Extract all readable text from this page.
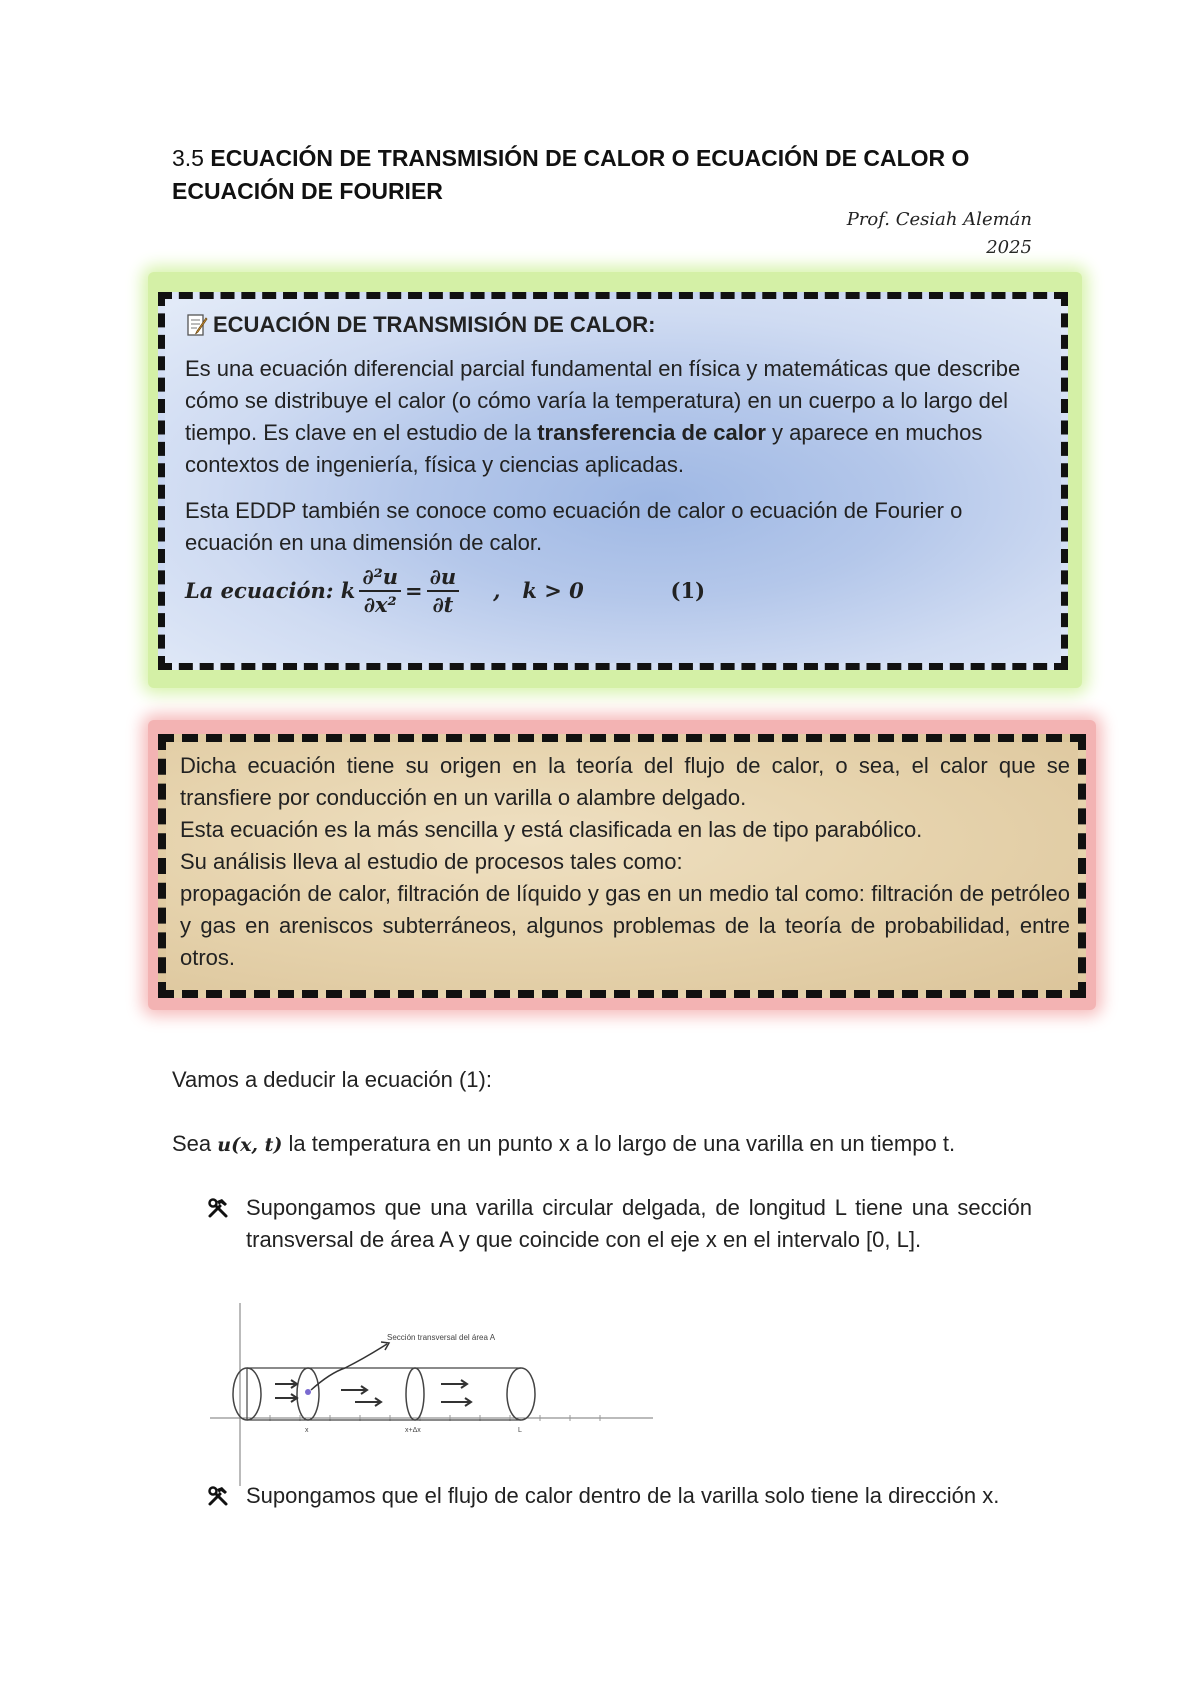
3.5 ECUACIÓN DE TRANSMISIÓN DE CALOR O ECUACIÓN DE CALOR O ECUACIÓN DE FOURIER
Prof. Cesiah Alemán
2025
ECUACIÓN DE TRANSMISIÓN DE CALOR:

Es una ecuación diferencial parcial fundamental en física y matemáticas que describe cómo se distribuye el calor (o cómo varía la temperatura) en un cuerpo a lo largo del tiempo. Es clave en el estudio de la transferencia de calor y aparece en muchos contextos de ingeniería, física y ciencias aplicadas.

Esta EDDP también se conoce como ecuación de calor o ecuación de Fourier o ecuación en una dimensión de calor.

La ecuación: k $\frac{\text{∂²u}}{\text{∂x²}} = \frac{\partial u}{\partial t}$ ,   k > 0	(1)
Dicha ecuación tiene su origen en la teoría del flujo de calor, o sea, el calor que se transfiere por conducción en un varilla o alambre delgado.
Esta ecuación es la más sencilla y está clasificada en las de tipo parabólico.
Su análisis lleva al estudio de procesos tales como:
propagación de calor, filtración de líquido y gas en un medio tal como: filtración de petróleo y gas en areniscos subterráneos, algunos problemas de la teoría de probabilidad, entre otros.
Vamos a deducir la ecuación (1):
Sea u(x, t) la temperatura en un punto x a lo largo de una varilla en un tiempo t.
Supongamos que una varilla circular delgada, de longitud L tiene una sección transversal de área A y que coincide con el eje x en el intervalo [0, L].
Sección transversal del área A
x	x+Δx	L
Supongamos que el flujo de calor dentro de la varilla solo tiene la dirección x.
